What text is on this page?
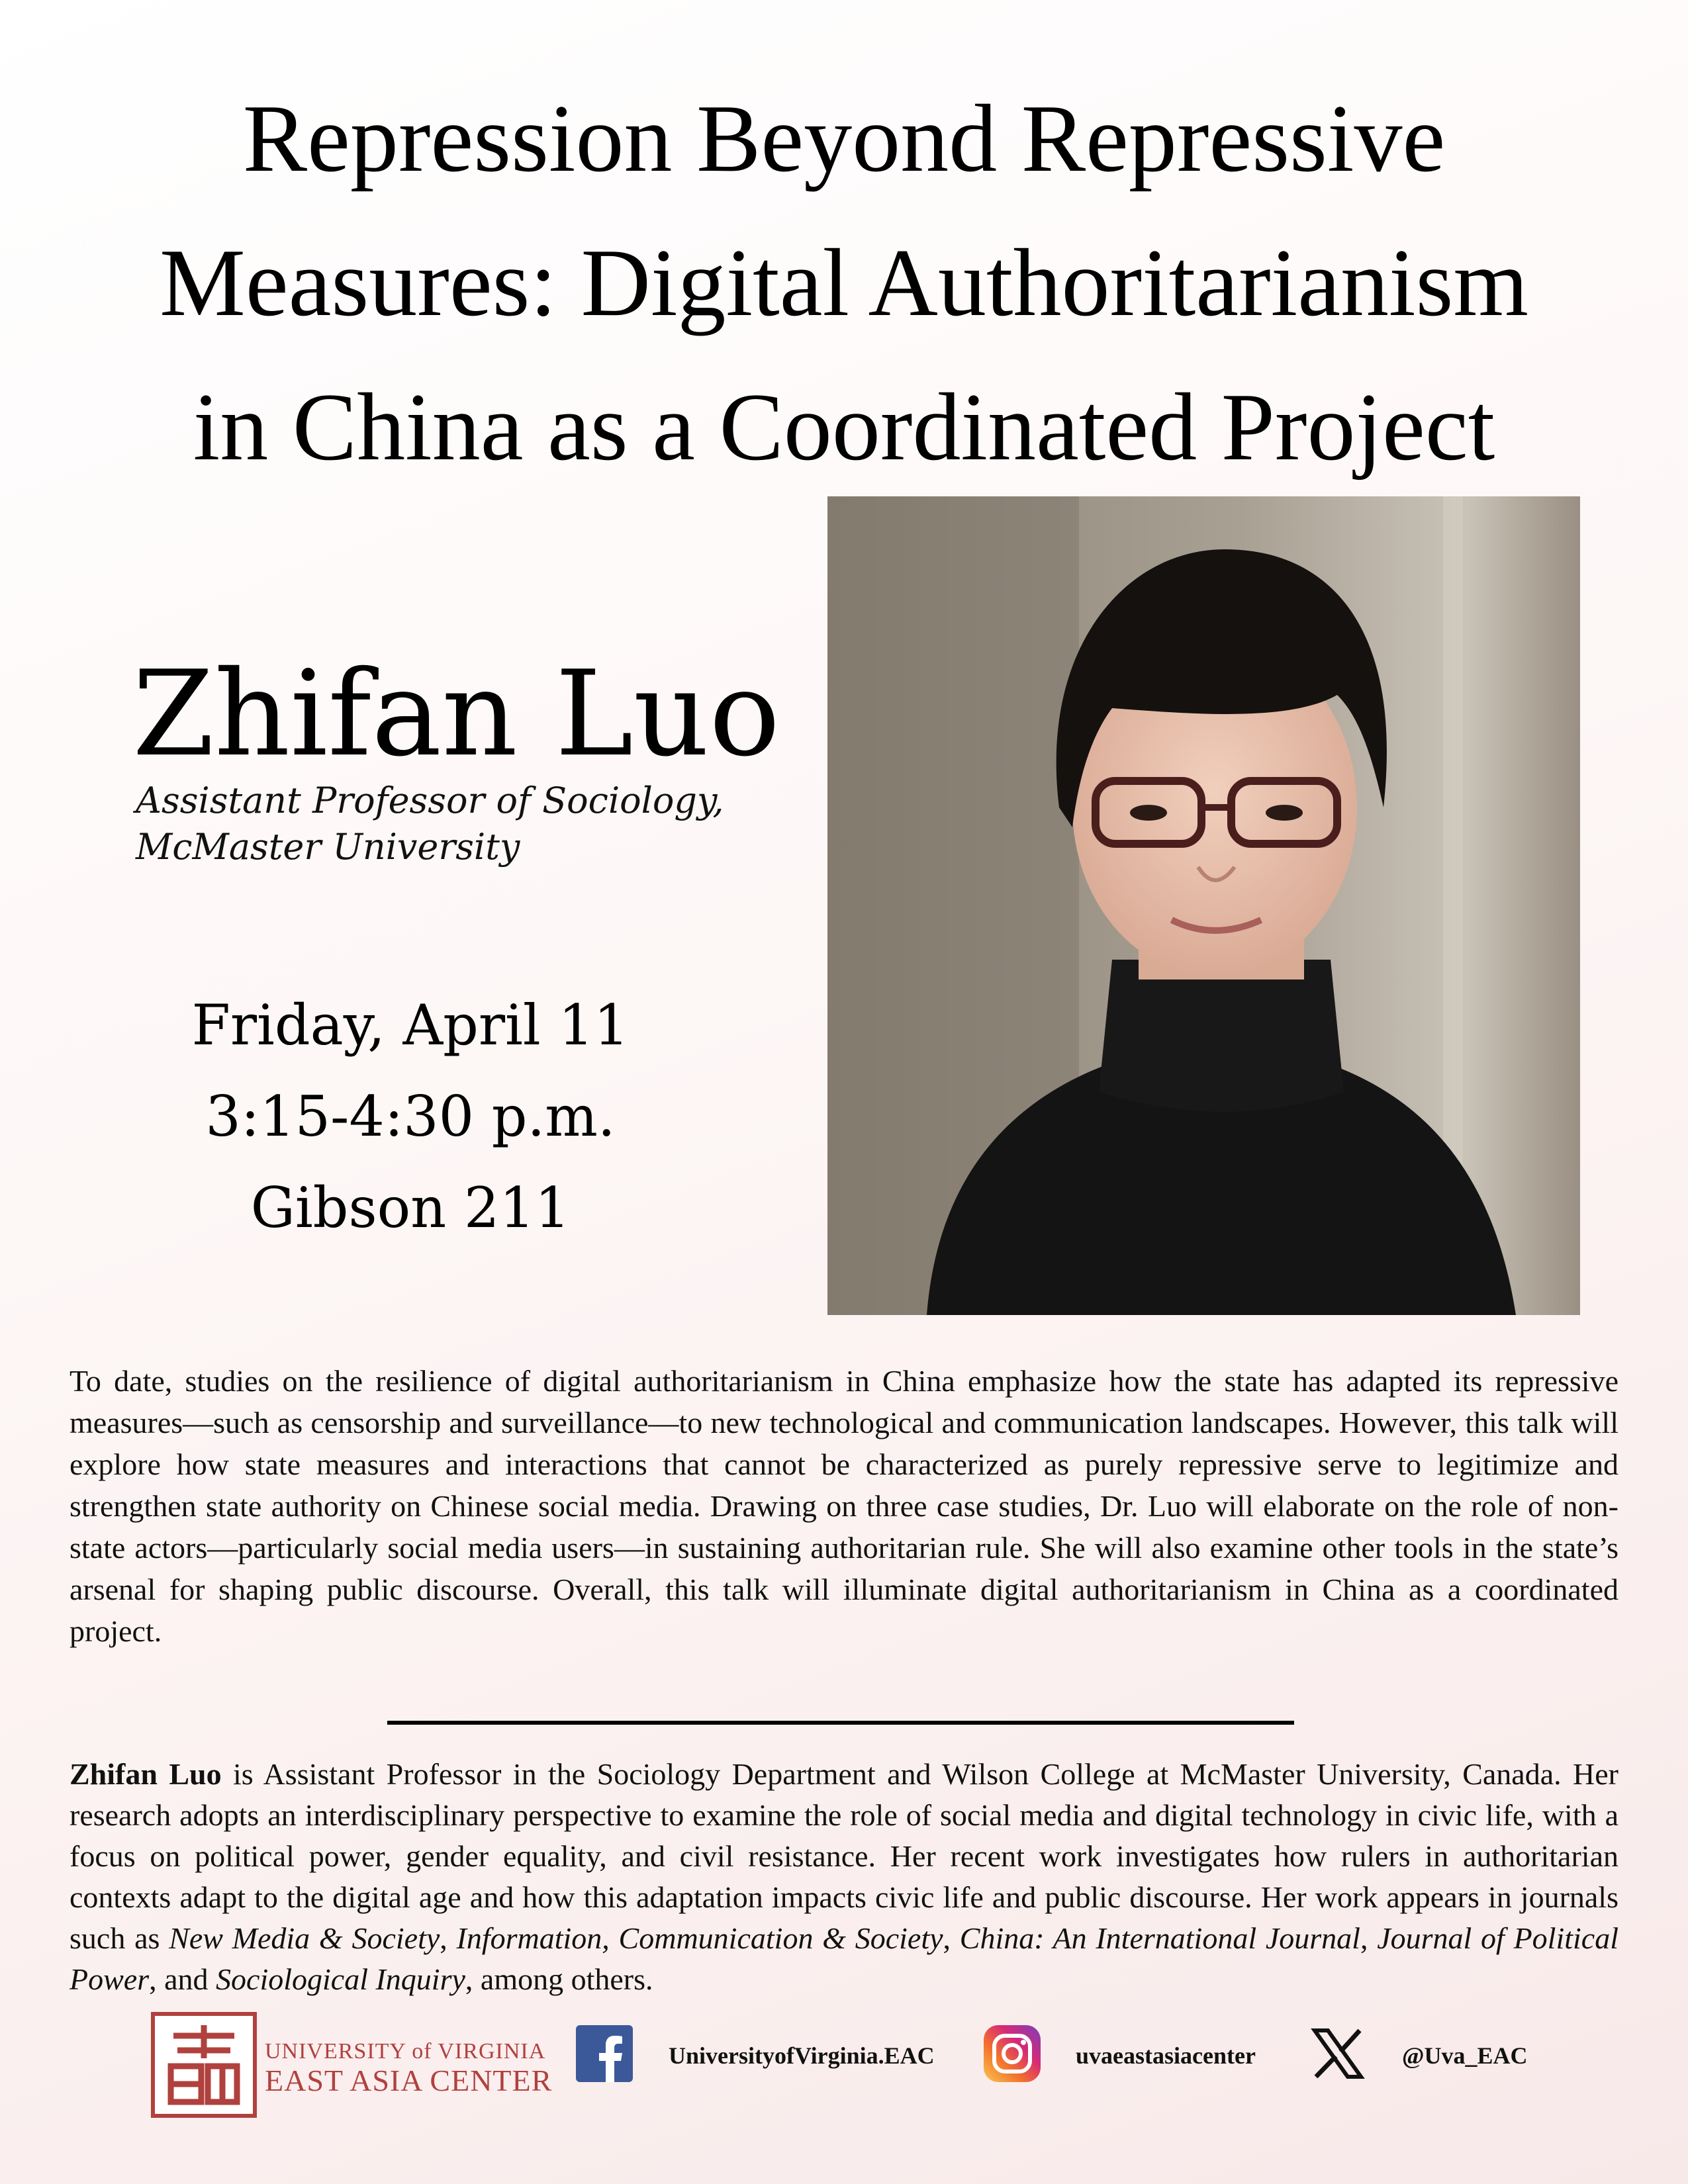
Repression Beyond Repressive
Measures: Digital Authoritarianism
in China as a Coordinated Project
Zhifan Luo
Assistant Professor of Sociology,
McMaster University
Friday, April 11
3:15-4:30 p.m.
Gibson 211

To date, studies on the resilience of digital authoritarianism in China emphasize how the state has adapted its repressive measures—such as censorship and surveillance—to new technological and communication landscapes. However, this talk will explore how state measures and interactions that cannot be characterized as purely repressive serve to legitimize and strengthen state authority on Chinese social media. Drawing on three case studies, Dr. Luo will elaborate on the role of non-state actors—particularly social media users—in sustaining authoritarian rule. She will also examine other tools in the state’s arsenal for shaping public discourse. Overall, this talk will illuminate digital authoritarianism in China as a coordinated project.

Zhifan Luo is Assistant Professor in the Sociology Department and Wilson College at McMaster University, Canada. Her research adopts an interdisciplinary perspective to examine the role of social media and digital technology in civic life, with a focus on political power, gender equality, and civil resistance. Her recent work investigates how rulers in authoritarian contexts adapt to the digital age and how this adaptation impacts civic life and public discourse. Her work appears in journals such as New Media & Society, Information, Communication & Society, China: An International Journal, Journal of Political Power, and Sociological Inquiry, among others.

UNIVERSITY of VIRGINIA
EAST ASIA CENTER
UniversityofVirginia.EAC	uvaeastasiacenter	@Uva_EAC
